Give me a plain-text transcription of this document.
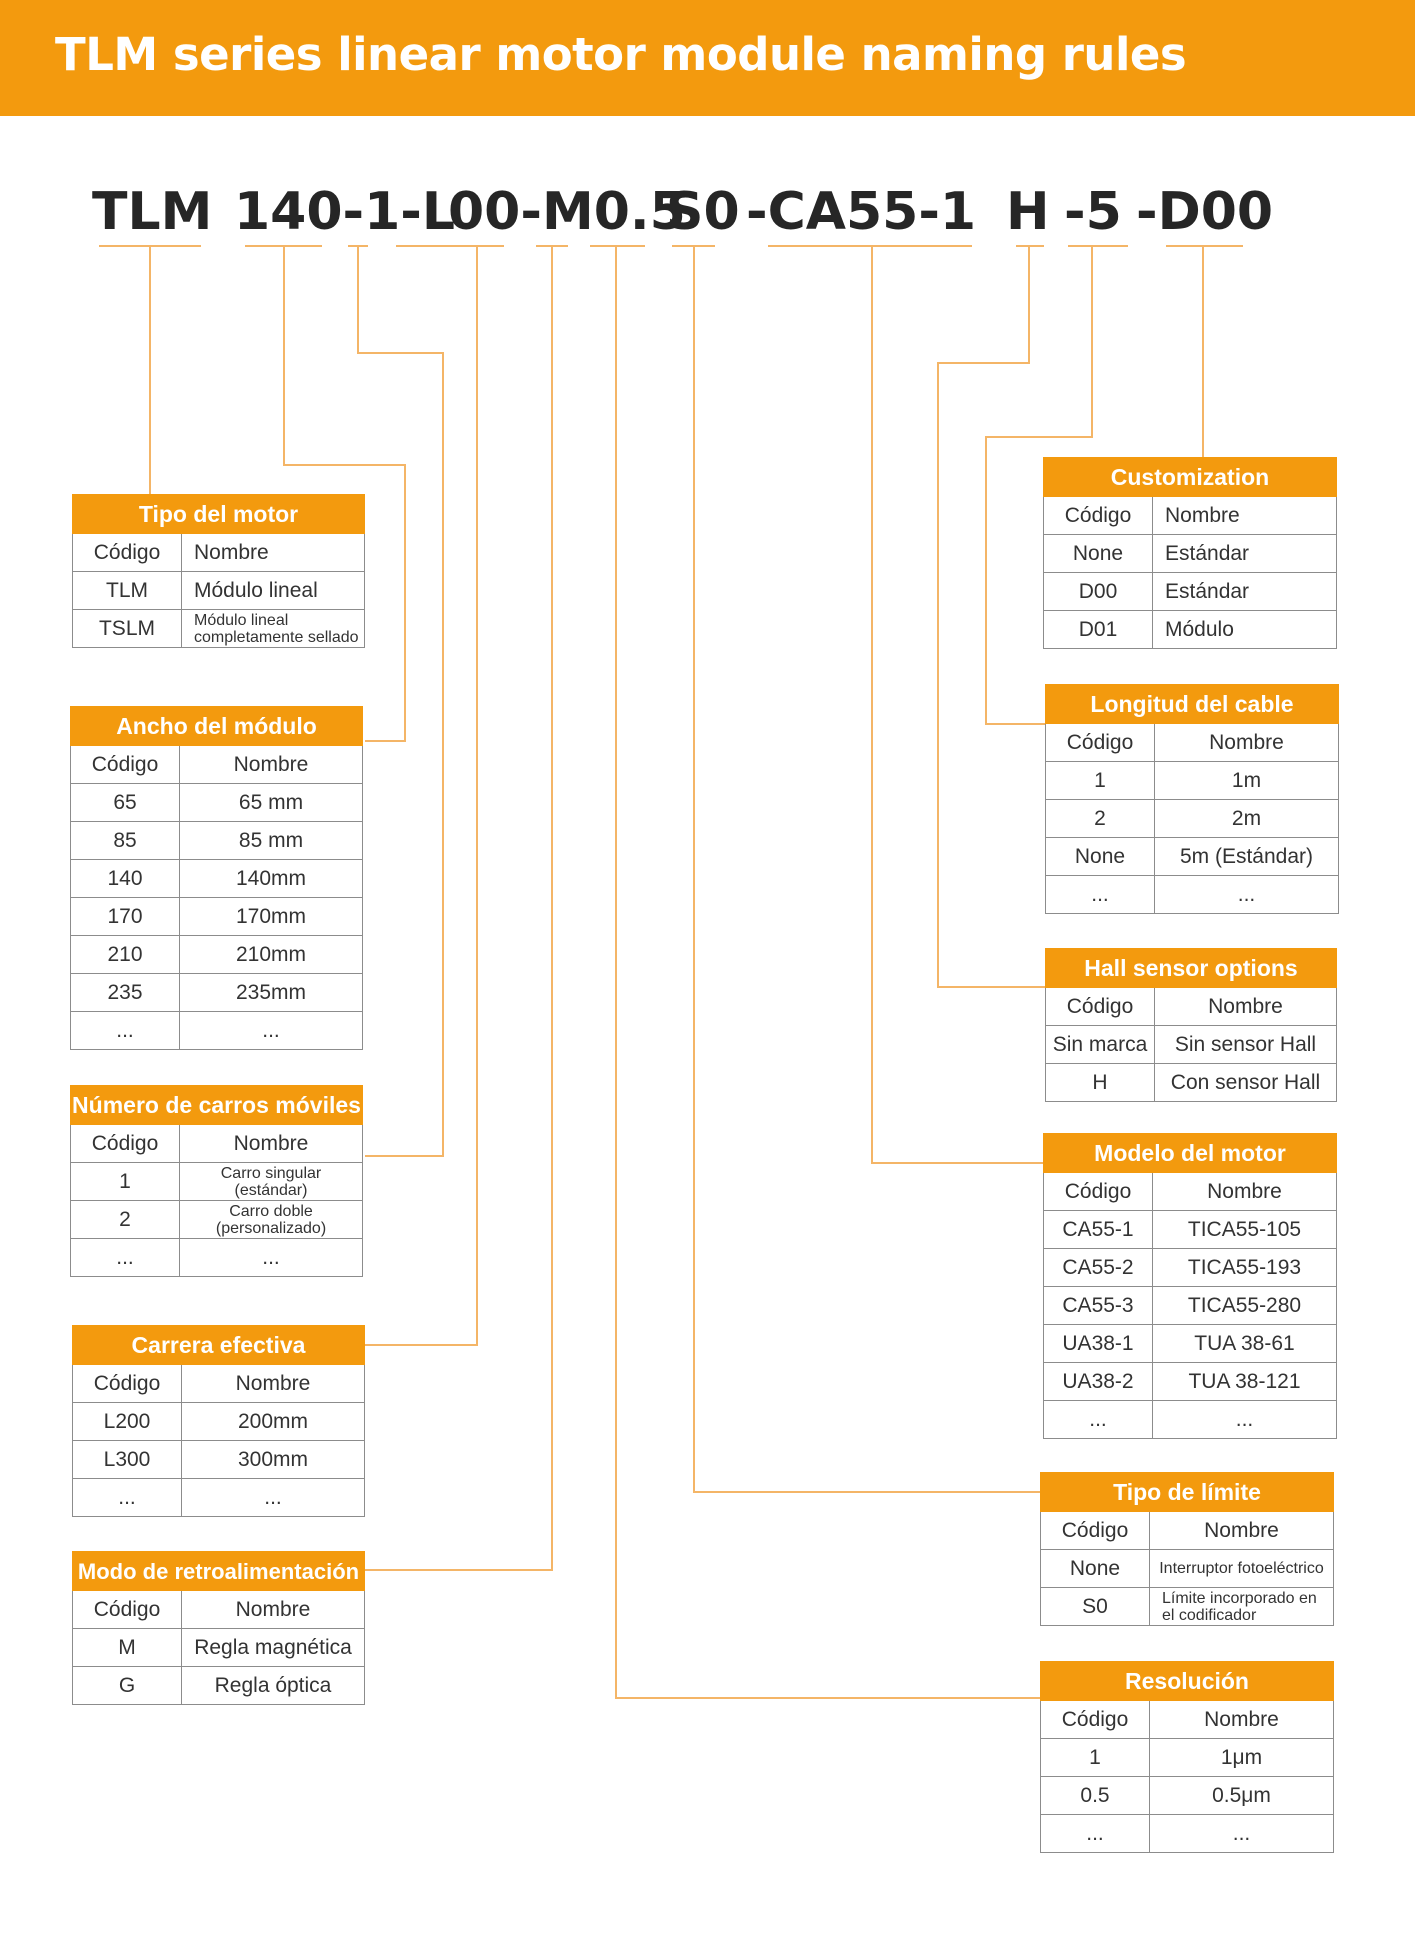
TLM series linear motor module naming rules
TLM 140-1-L
00-M0.5
S0 -CA55-1 H -5 -D00
Tipo del motor	
Código	Nombre
TLM	Módulo lineal
TSLM	Módulo lineal completamente sellado
Ancho del módulo	
Código	Nombre
65	65 mm
85	85 mm
140	140mm
170	170mm
210	210mm
235	235mm
...	...
Número de carros móviles	
Código	Nombre
1	Carro singular (estándar)
2	Carro doble (personalizado)
...	...
Carrera efectiva	
Código	Nombre
L200	200mm
L300	300mm
...	...
Modo de retroalimentación	
Código	Nombre
M	Regla magnética
G	Regla óptica
Customization	
Código	Nombre
None	Estándar
D00	Estándar
D01	Módulo
Longitud del cable	
Código	Nombre
1	1m
2	2m
None	5m (Estándar)
...	...
Hall sensor options	
Código	Nombre
Sin marca	Sin sensor Hall
H	Con sensor Hall
Modelo del motor	
Código	Nombre
CA55-1	TICA55-105
CA55-2	TICA55-193
CA55-3	TICA55-280
UA38-1	TUA 38-61
UA38-2	TUA 38-121
...	...
Tipo de límite	
Código	Nombre
None	Interruptor fotoeléctrico
S0	Límite incorporado en el codificador
Resolución	
Código	Nombre
1	1μm
0.5	0.5μm
...	...
